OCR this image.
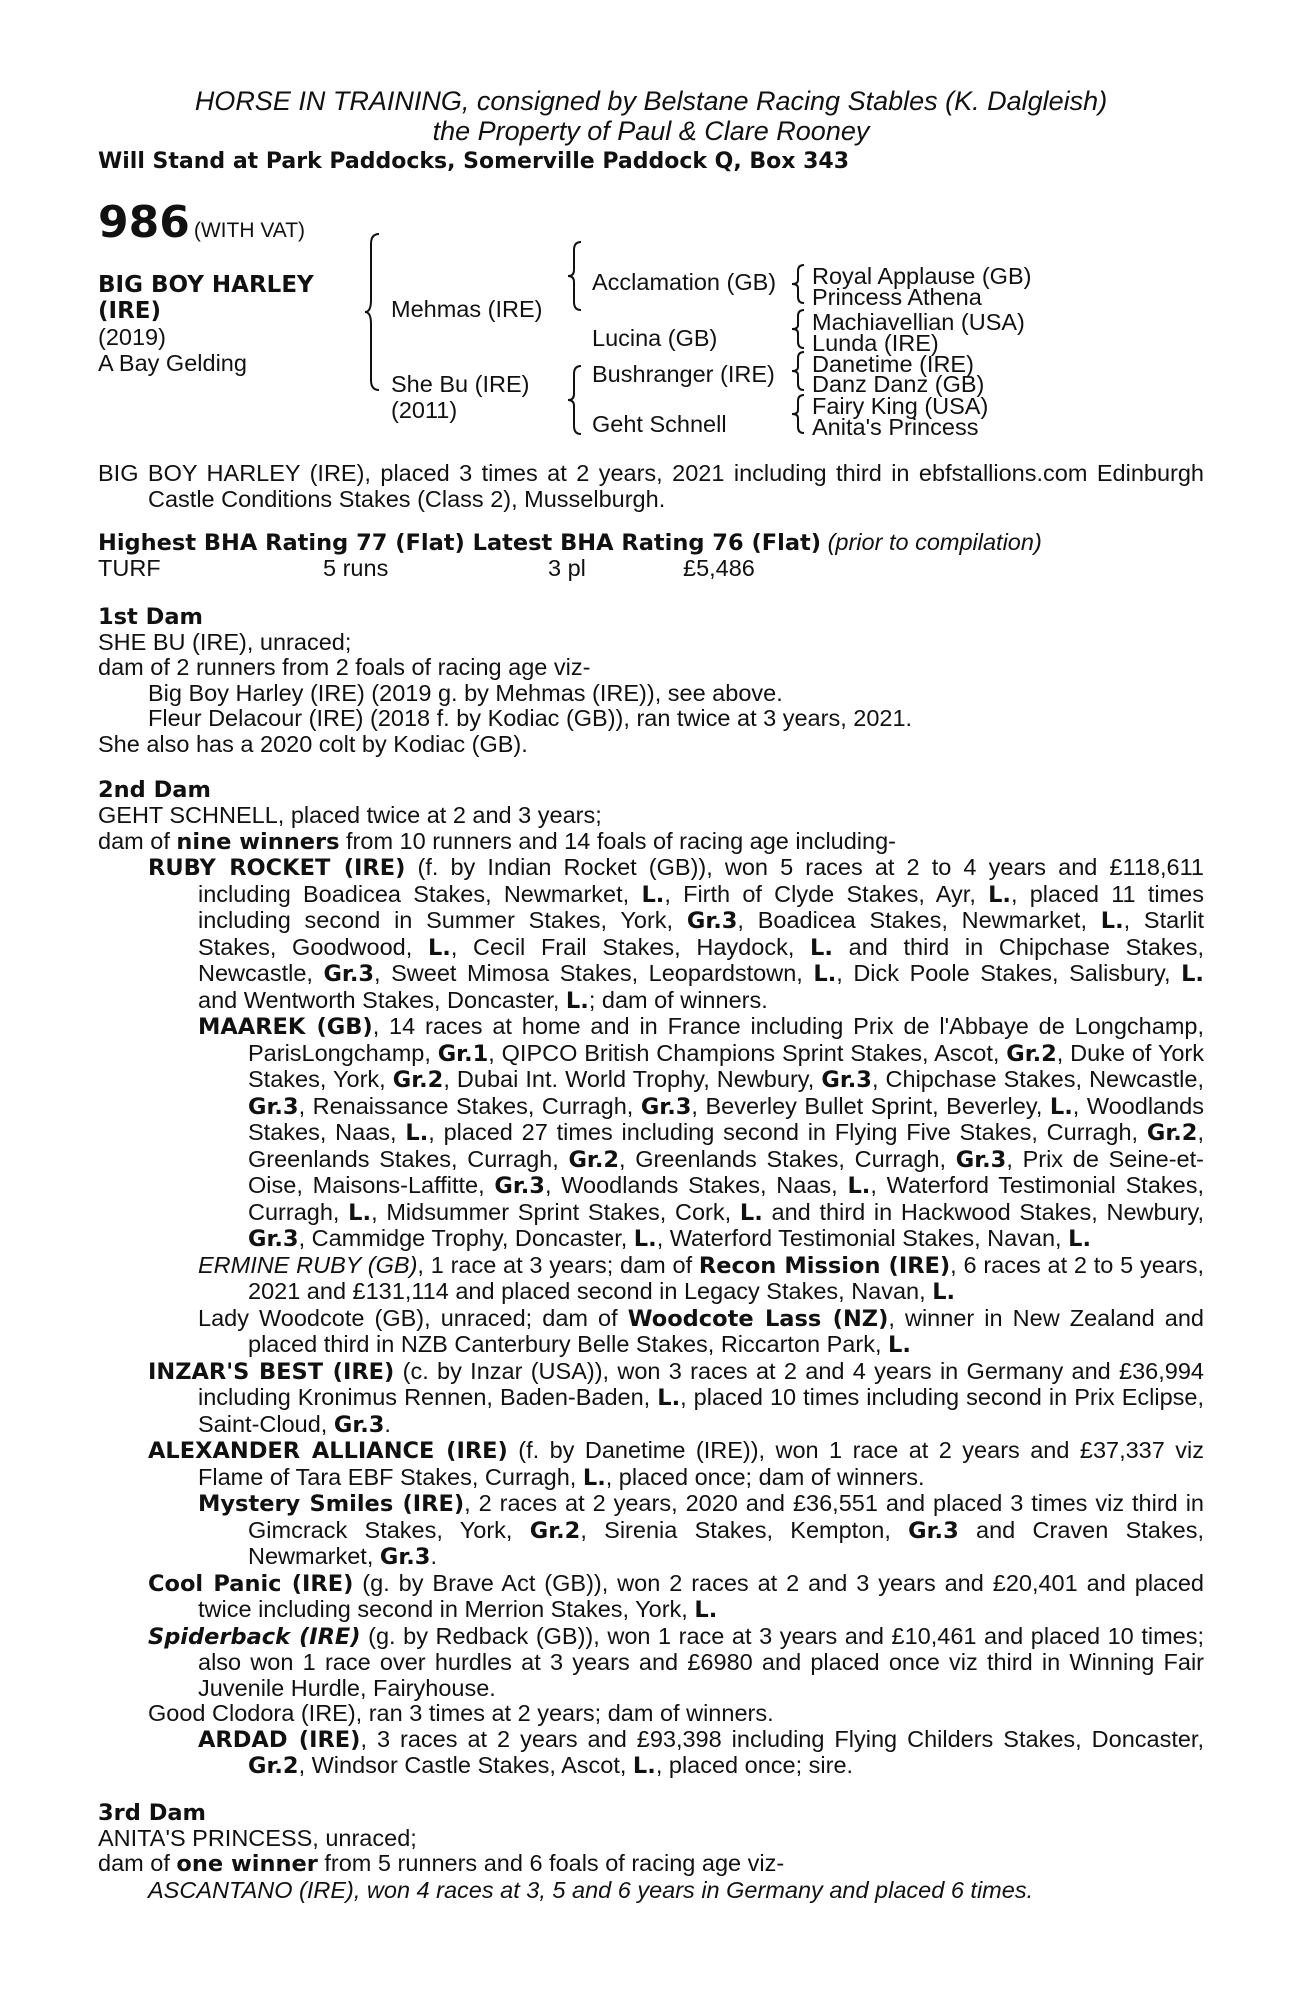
HORSE IN TRAINING, consigned by Belstane Racing Stables (K. Dalgleish)
the Property of Paul & Clare Rooney
Will Stand at Park Paddocks, Somerville Paddock Q, Box 343
986 (WITH VAT)
BIG BOY HARLEY
(IRE)
(2019)
A Bay Gelding
Mehmas (IRE)
She Bu (IRE)
(2011)
Acclamation (GB)
Lucina (GB)
Bushranger (IRE)
Geht Schnell
Royal Applause (GB)
Princess Athena
Machiavellian (USA)
Lunda (IRE)
Danetime (IRE)
Danz Danz (GB)
Fairy King (USA)
Anita's Princess
BIG BOY HARLEY (IRE), placed 3 times at 2 years, 2021 including third in ebfstallions.com Edinburgh Castle Conditions Stakes (Class 2), Musselburgh.
Highest BHA Rating 77 (Flat) Latest BHA Rating 76 (Flat) (prior to compilation)
TURF	5 runs	3 pl	£5,486
1st Dam
SHE BU (IRE), unraced;
dam of 2 runners from 2 foals of racing age viz-
Big Boy Harley (IRE) (2019 g. by Mehmas (IRE)), see above.
Fleur Delacour (IRE) (2018 f. by Kodiac (GB)), ran twice at 3 years, 2021.
She also has a 2020 colt by Kodiac (GB).
2nd Dam
GEHT SCHNELL, placed twice at 2 and 3 years;
dam of nine winners from 10 runners and 14 foals of racing age including-
RUBY ROCKET (IRE) (f. by Indian Rocket (GB)), won 5 races at 2 to 4 years and £118,611 including Boadicea Stakes, Newmarket, L., Firth of Clyde Stakes, Ayr, L., placed 11 times including second in Summer Stakes, York, Gr.3, Boadicea Stakes, Newmarket, L., Starlit Stakes, Goodwood, L., Cecil Frail Stakes, Haydock, L. and third in Chipchase Stakes, Newcastle, Gr.3, Sweet Mimosa Stakes, Leopardstown, L., Dick Poole Stakes, Salisbury, L. and Wentworth Stakes, Doncaster, L.; dam of winners.
MAAREK (GB), 14 races at home and in France including Prix de l'Abbaye de Longchamp, ParisLongchamp, Gr.1, QIPCO British Champions Sprint Stakes, Ascot, Gr.2, Duke of York Stakes, York, Gr.2, Dubai Int. World Trophy, Newbury, Gr.3, Chipchase Stakes, Newcastle, Gr.3, Renaissance Stakes, Curragh, Gr.3, Beverley Bullet Sprint, Beverley, L., Woodlands Stakes, Naas, L., placed 27 times including second in Flying Five Stakes, Curragh, Gr.2, Greenlands Stakes, Curragh, Gr.2, Greenlands Stakes, Curragh, Gr.3, Prix de Seine-et-Oise, Maisons-Laffitte, Gr.3, Woodlands Stakes, Naas, L., Waterford Testimonial Stakes, Curragh, L., Midsummer Sprint Stakes, Cork, L. and third in Hackwood Stakes, Newbury, Gr.3, Cammidge Trophy, Doncaster, L., Waterford Testimonial Stakes, Navan, L.
ERMINE RUBY (GB), 1 race at 3 years; dam of Recon Mission (IRE), 6 races at 2 to 5 years, 2021 and £131,114 and placed second in Legacy Stakes, Navan, L.
Lady Woodcote (GB), unraced; dam of Woodcote Lass (NZ), winner in New Zealand and placed third in NZB Canterbury Belle Stakes, Riccarton Park, L.
INZAR'S BEST (IRE) (c. by Inzar (USA)), won 3 races at 2 and 4 years in Germany and £36,994 including Kronimus Rennen, Baden-Baden, L., placed 10 times including second in Prix Eclipse, Saint-Cloud, Gr.3.
ALEXANDER ALLIANCE (IRE) (f. by Danetime (IRE)), won 1 race at 2 years and £37,337 viz Flame of Tara EBF Stakes, Curragh, L., placed once; dam of winners.
Mystery Smiles (IRE), 2 races at 2 years, 2020 and £36,551 and placed 3 times viz third in Gimcrack Stakes, York, Gr.2, Sirenia Stakes, Kempton, Gr.3 and Craven Stakes, Newmarket, Gr.3.
Cool Panic (IRE) (g. by Brave Act (GB)), won 2 races at 2 and 3 years and £20,401 and placed twice including second in Merrion Stakes, York, L.
Spiderback (IRE) (g. by Redback (GB)), won 1 race at 3 years and £10,461 and placed 10 times; also won 1 race over hurdles at 3 years and £6980 and placed once viz third in Winning Fair Juvenile Hurdle, Fairyhouse.
Good Clodora (IRE), ran 3 times at 2 years; dam of winners.
ARDAD (IRE), 3 races at 2 years and £93,398 including Flying Childers Stakes, Doncaster, Gr.2, Windsor Castle Stakes, Ascot, L., placed once; sire.
3rd Dam
ANITA'S PRINCESS, unraced;
dam of one winner from 5 runners and 6 foals of racing age viz-
ASCANTANO (IRE), won 4 races at 3, 5 and 6 years in Germany and placed 6 times.
